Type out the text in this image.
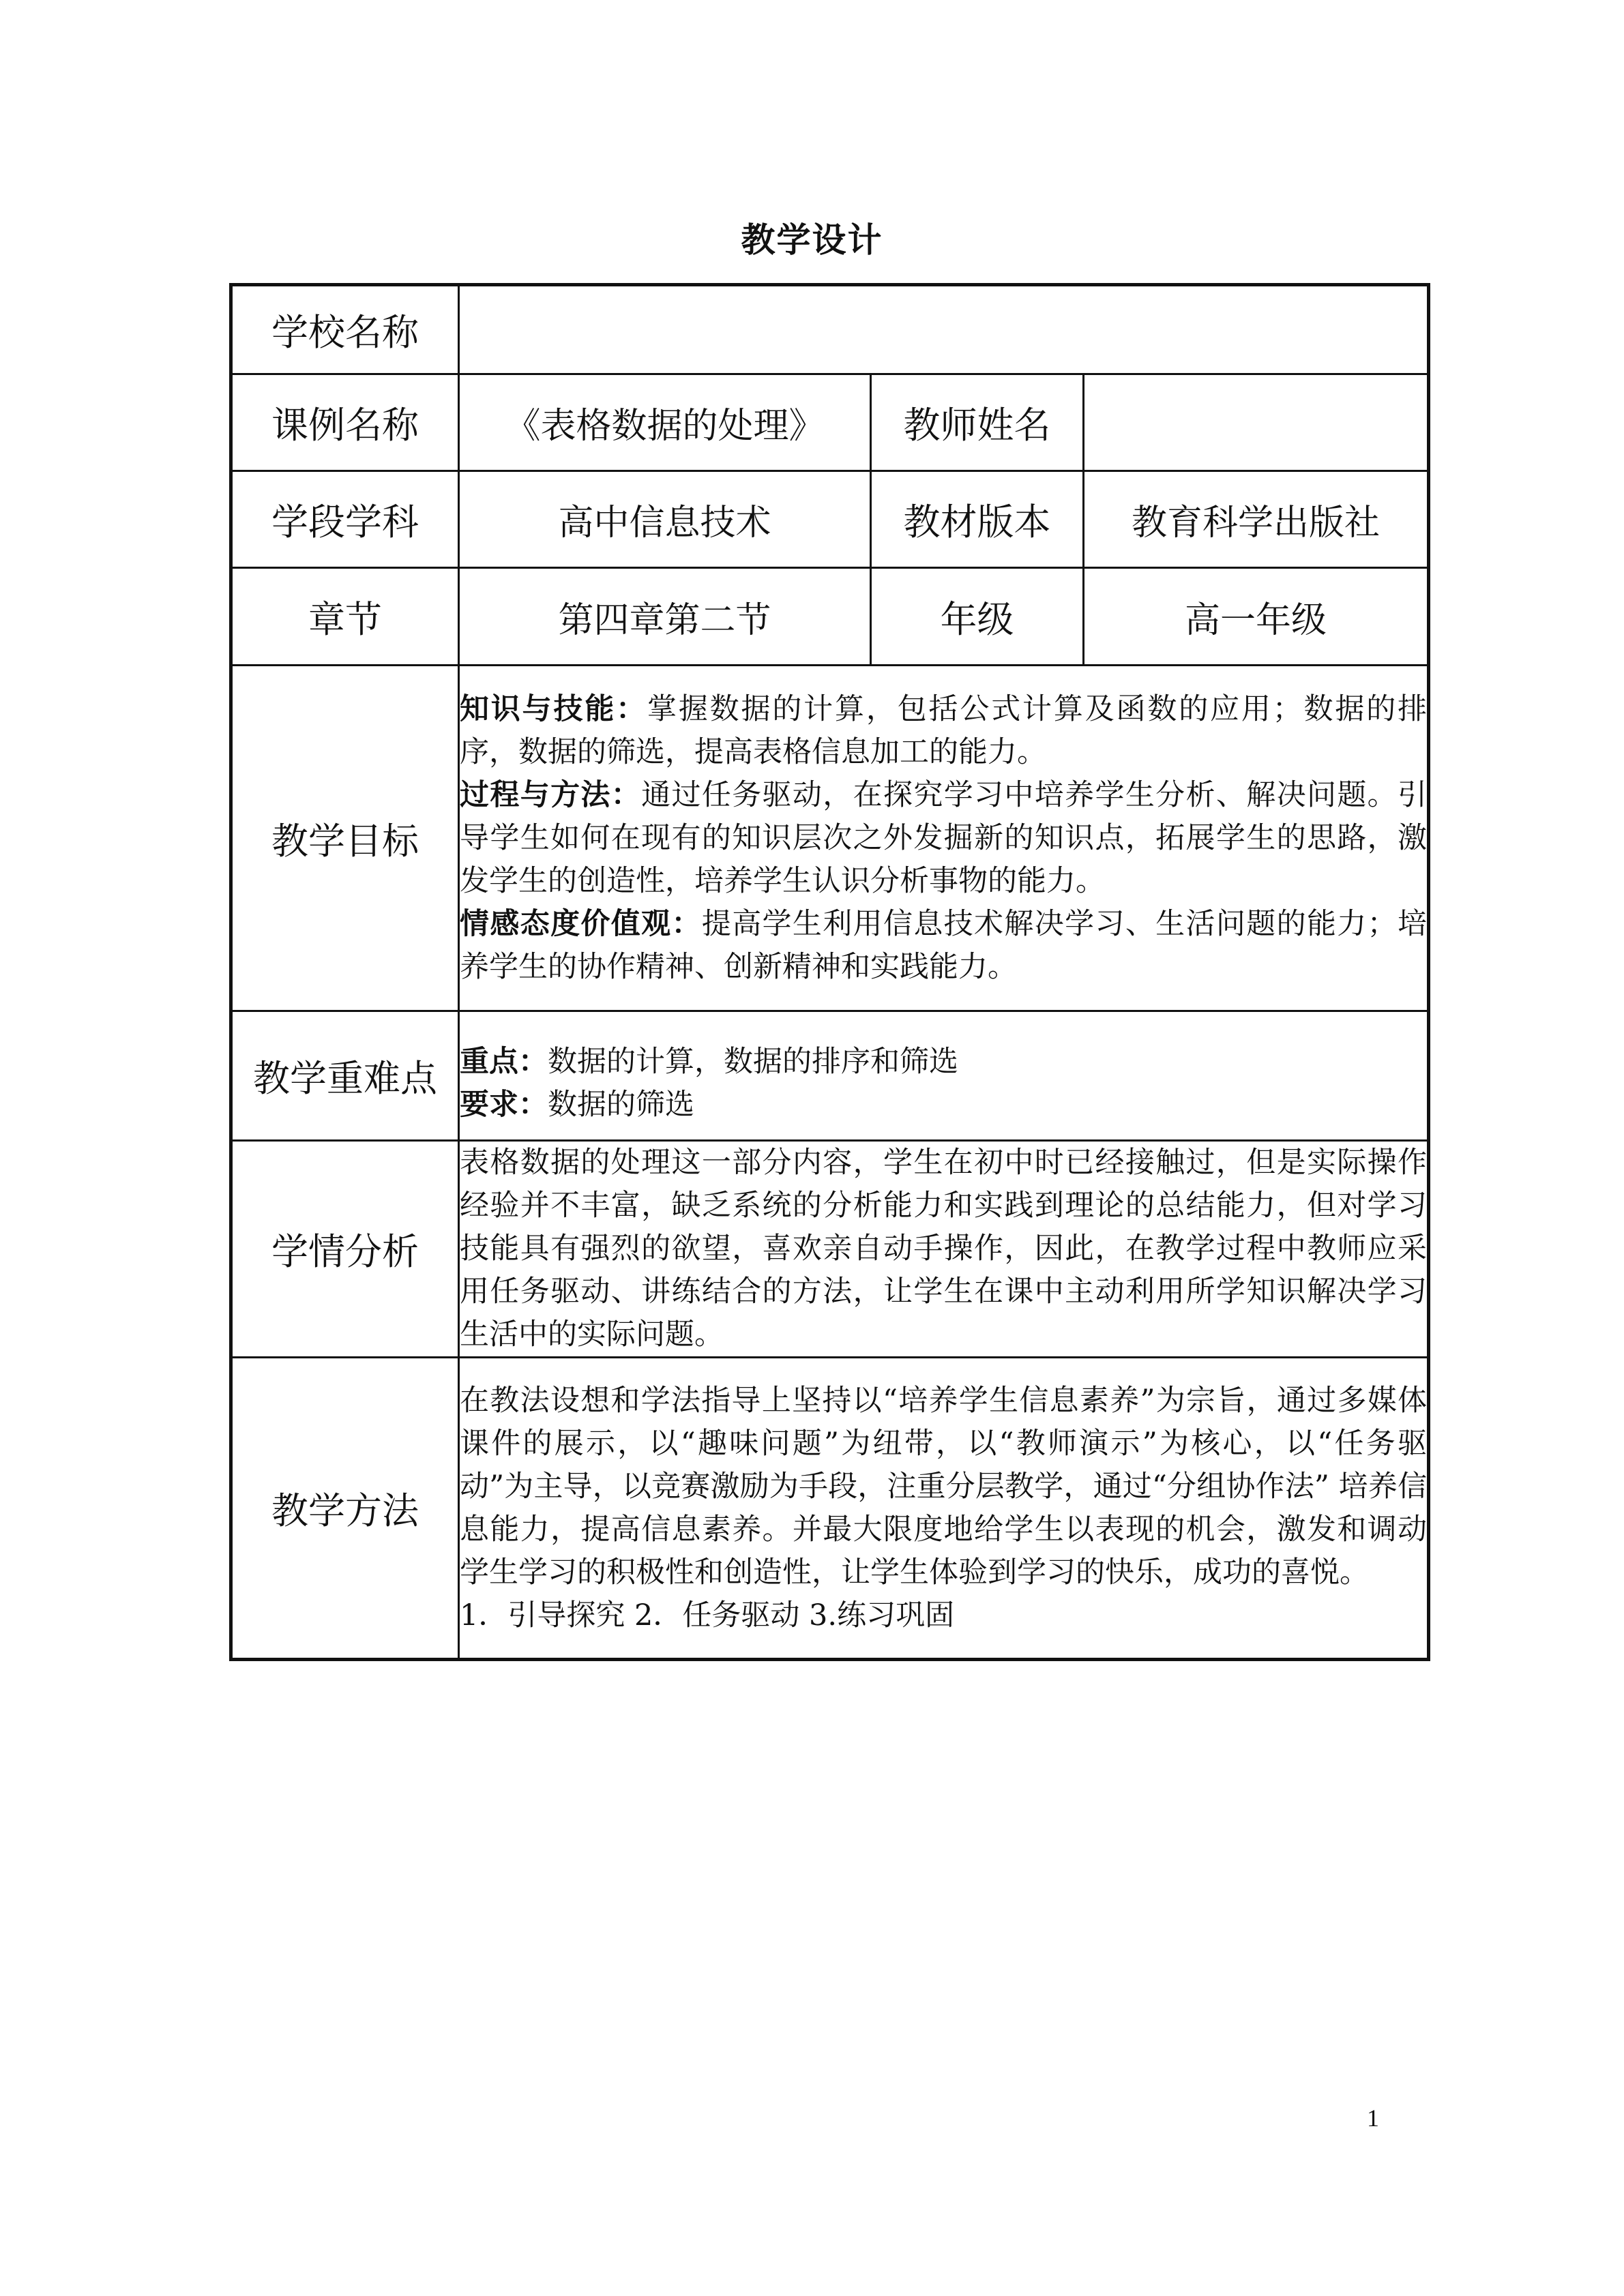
教学设计
学校名称			
课例名称	《表格数据的处理》	教师姓名	
学段学科	高中信息技术	教材版本	教育科学出版社
章节	第四章第二节	年级	高一年级
教学目标	知识与技能：掌握数据的计算，包括公式计算及函数的应用；数据的排序，数据的筛选，提高表格信息加工的能力。

过程与方法：通过任务驱动，在探究学习中培养学生分析、解决问题。引导学生如何在现有的知识层次之外发掘新的知识点，拓展学生的思路，激发学生的创造性，培养学生认识分析事物的能力。

情感态度价值观：提高学生利用信息技术解决学习、生活问题的能力；培养学生的协作精神、创新精神和实践能力。		

教学重难点	重点：数据的计算，数据的排序和筛选

要求：数据的筛选		

学情分析	表格数据的处理这一部分内容，学生在初中时已经接触过，但是实际操作经验并不丰富，缺乏系统的分析能力和实践到理论的总结能力，但对学习技能具有强烈的欲望，喜欢亲自动手操作，因此，在教学过程中教师应采用任务驱动、讲练结合的方法，让学生在课中主动利用所学知识解决学习生活中的实际问题。		

教学方法	在教法设想和学法指导上坚持以“培养学生信息素养”为宗旨，通过多媒体课件的展示，以“趣味问题”为纽带，以“教师演示”为核心，以“任务驱动”为主导，以竞赛激励为手段，注重分层教学，通过“分组协作法” 培养信息能力，提高信息素养。并最大限度地给学生以表现的机会，激发和调动学生学习的积极性和创造性，让学生体验到学习的快乐，成功的喜悦。

1．引导探究 2．任务驱动 3.练习巩固		

1
